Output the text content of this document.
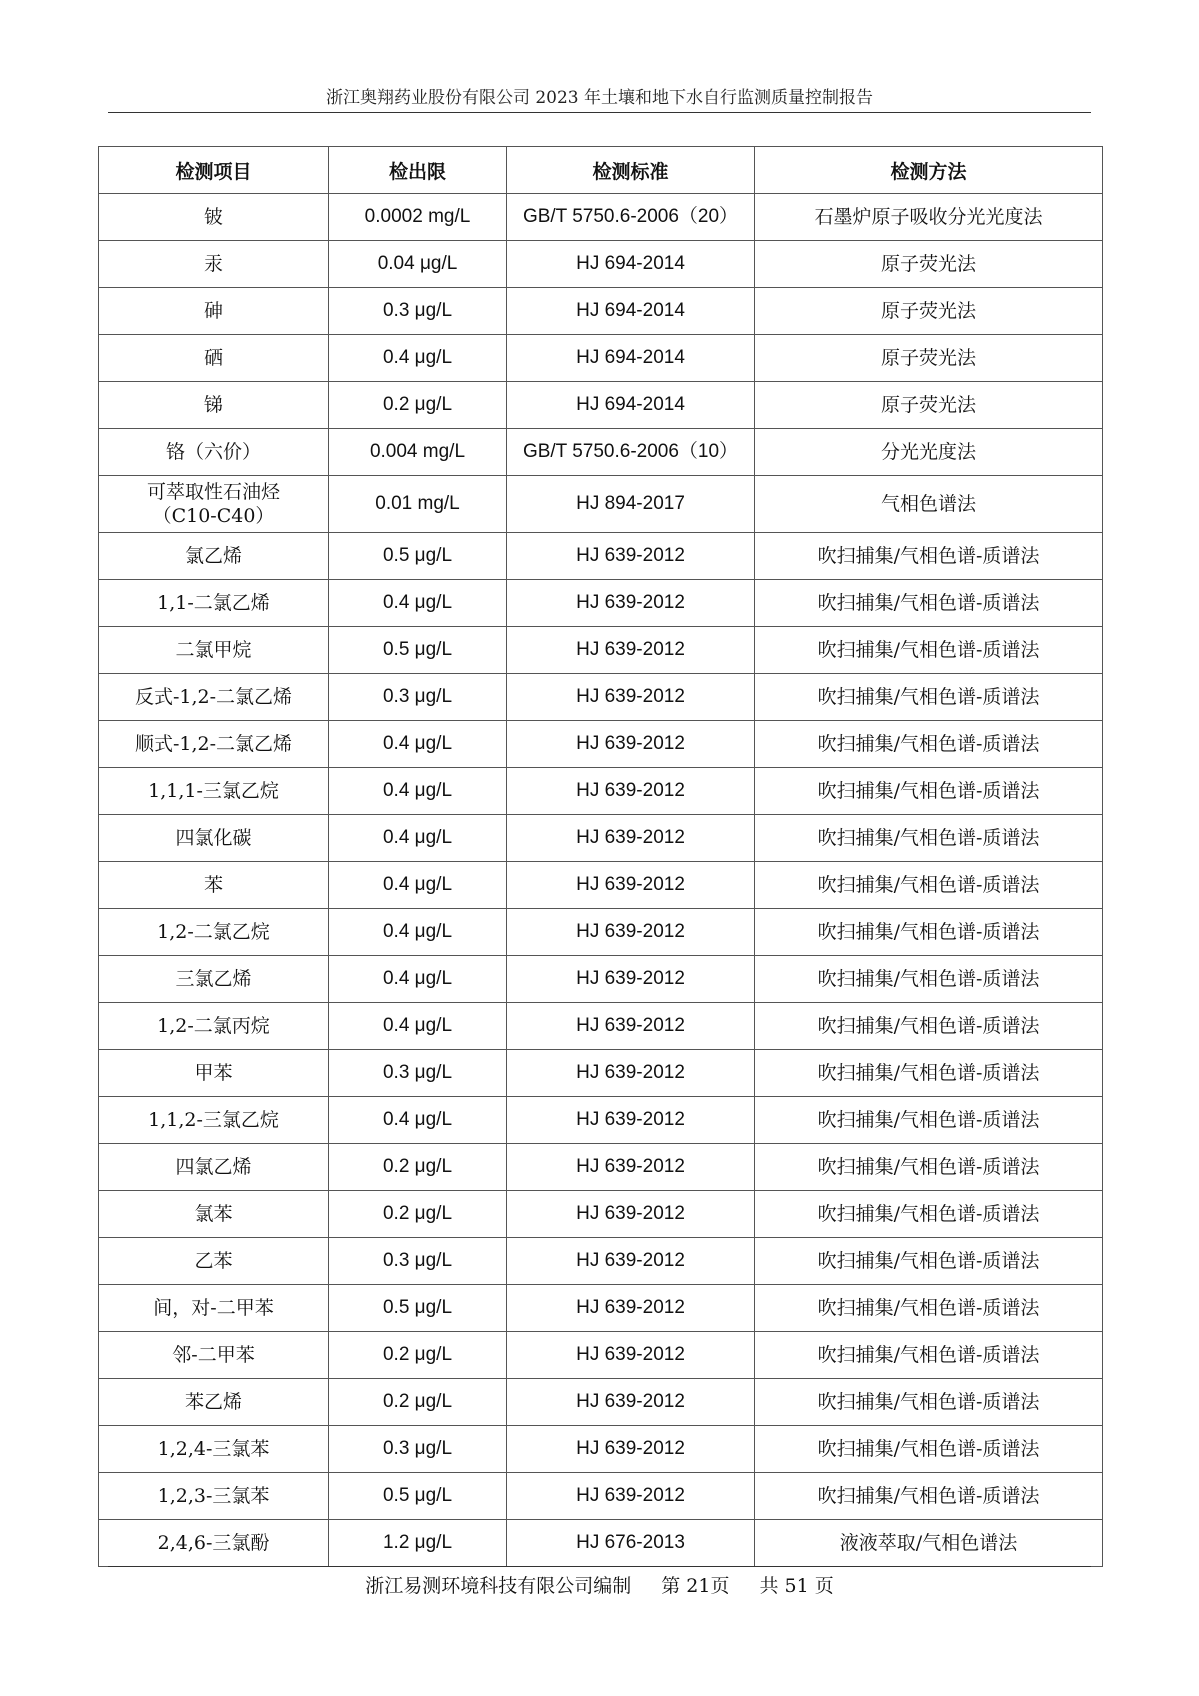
浙江奥翔药业股份有限公司 2023 年土壤和地下水自行监测质量控制报告
检测项目	检出限	检测标准	检测方法

铍	0.0002 mg/L	GB/T 5750.6-2006（20）	石墨炉原子吸收分光光度法

汞	0.04 μg/L	HJ 694-2014	原子荧光法

砷	0.3 μg/L	HJ 694-2014	原子荧光法

硒	0.4 μg/L	HJ 694-2014	原子荧光法

锑	0.2 μg/L	HJ 694-2014	原子荧光法

铬（六价）	0.004 mg/L	GB/T 5750.6-2006（10）	分光光度法

可萃取性石油烃
（C10-C40）	0.01 mg/L	HJ 894-2017	气相色谱法

氯乙烯	0.5 μg/L	HJ 639-2012	吹扫捕集/气相色谱-质谱法

1,1-二氯乙烯	0.4 μg/L	HJ 639-2012	吹扫捕集/气相色谱-质谱法

二氯甲烷	0.5 μg/L	HJ 639-2012	吹扫捕集/气相色谱-质谱法

反式-1,2-二氯乙烯	0.3 μg/L	HJ 639-2012	吹扫捕集/气相色谱-质谱法

顺式-1,2-二氯乙烯	0.4 μg/L	HJ 639-2012	吹扫捕集/气相色谱-质谱法

1,1,1-三氯乙烷	0.4 μg/L	HJ 639-2012	吹扫捕集/气相色谱-质谱法

四氯化碳	0.4 μg/L	HJ 639-2012	吹扫捕集/气相色谱-质谱法

苯	0.4 μg/L	HJ 639-2012	吹扫捕集/气相色谱-质谱法

1,2-二氯乙烷	0.4 μg/L	HJ 639-2012	吹扫捕集/气相色谱-质谱法

三氯乙烯	0.4 μg/L	HJ 639-2012	吹扫捕集/气相色谱-质谱法

1,2-二氯丙烷	0.4 μg/L	HJ 639-2012	吹扫捕集/气相色谱-质谱法

甲苯	0.3 μg/L	HJ 639-2012	吹扫捕集/气相色谱-质谱法

1,1,2-三氯乙烷	0.4 μg/L	HJ 639-2012	吹扫捕集/气相色谱-质谱法

四氯乙烯	0.2 μg/L	HJ 639-2012	吹扫捕集/气相色谱-质谱法

氯苯	0.2 μg/L	HJ 639-2012	吹扫捕集/气相色谱-质谱法

乙苯	0.3 μg/L	HJ 639-2012	吹扫捕集/气相色谱-质谱法

间，对-二甲苯	0.5 μg/L	HJ 639-2012	吹扫捕集/气相色谱-质谱法

邻-二甲苯	0.2 μg/L	HJ 639-2012	吹扫捕集/气相色谱-质谱法

苯乙烯	0.2 μg/L	HJ 639-2012	吹扫捕集/气相色谱-质谱法

1,2,4-三氯苯	0.3 μg/L	HJ 639-2012	吹扫捕集/气相色谱-质谱法

1,2,3-三氯苯	0.5 μg/L	HJ 639-2012	吹扫捕集/气相色谱-质谱法

2,4,6-三氯酚	1.2 μg/L	HJ 676-2013	液液萃取/气相色谱法
浙江易测环境科技有限公司编制 第 21页 共 51 页
